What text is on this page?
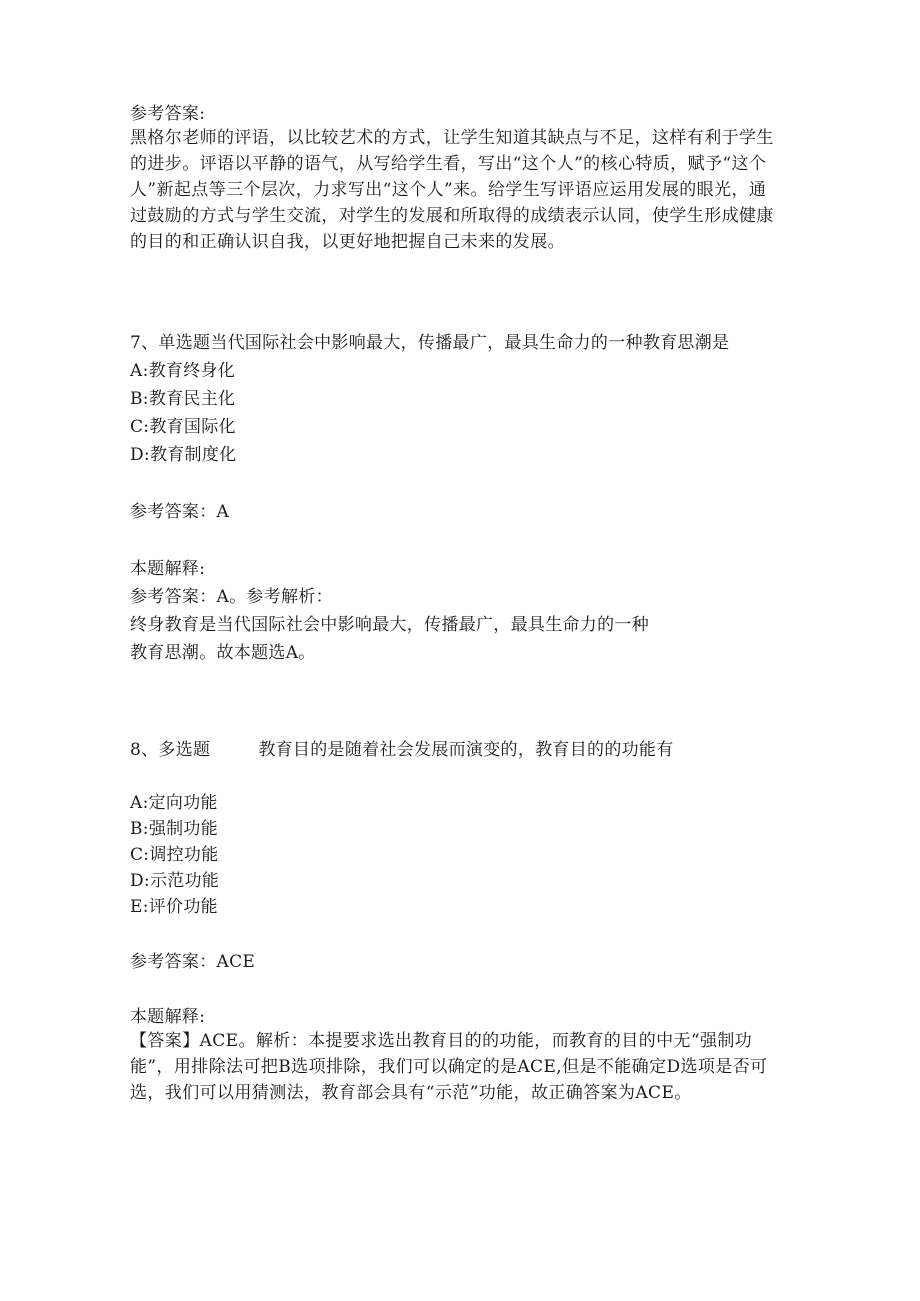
参考答案:
黑格尔老师的评语，以比较艺术的方式，让学生知道其缺点与不足，这样有利于学生的进步。评语以平静的语气，从写给学生看，写出“这个人”的核心特质，赋予“这个人”新起点等三个层次，力求写出“这个人”来。给学生写评语应运用发展的眼光，通过鼓励的方式与学生交流，对学生的发展和所取得的成绩表示认同，使学生形成健康的目的和正确认识自我，以更好地把握自己未来的发展。
7、单选题当代国际社会中影响最大，传播最广，最具生命力的一种教育思潮是
A:教育终身化
B:教育民主化
C:教育国际化
D:教育制度化
参考答案：A
本题解释:
参考答案：A。参考解析：
终身教育是当代国际社会中影响最大，传播最广，最具生命力的一种
教育思潮。故本题选A。
8、多选题	教育目的是随着社会发展而演变的，教育目的的功能有
A:定向功能
B:强制功能
C:调控功能
D:示范功能
E:评价功能
参考答案：ACE
本题解释:
【答案】ACE。解析：本提要求选出教育目的的功能，而教育的目的中无“强制功能”，用排除法可把B选项排除，我们可以确定的是ACE,但是不能确定D选项是否可选，我们可以用猜测法，教育部会具有“示范”功能，故正确答案为ACE。
